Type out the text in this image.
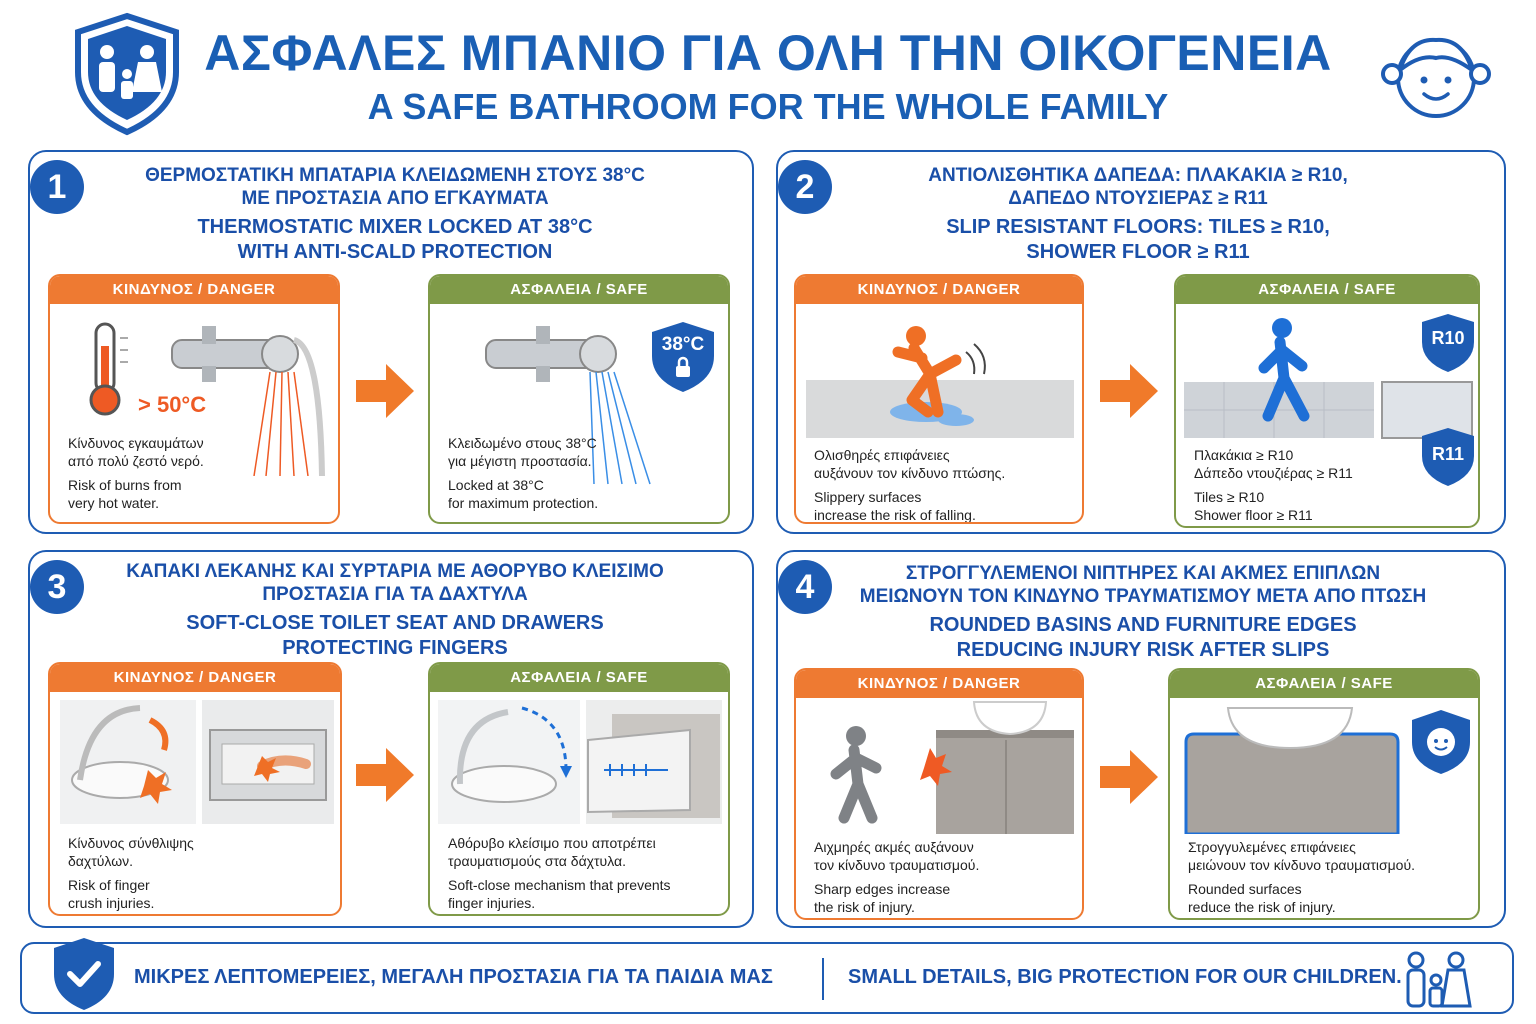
ΑΣΦΑΛΕΣ ΜΠΑΝΙΟ ΓΙΑ ΟΛΗ ΤΗΝ ΟΙΚΟΓΕΝΕΙΑ
A SAFE BATHROOM FOR THE WHOLE FAMILY
1	ΘΕΡΜΟΣΤΑΤΙΚΗ ΜΠΑΤΑΡΙΑ ΚΛΕΙΔΩΜΕΝΗ ΣΤΟΥΣ 38°C
ΜΕ ΠΡΟΣΤΑΣΙΑ ΑΠΟ ΕΓΚΑΥΜΑΤΑ
THERMOSTATIC MIXER LOCKED AT 38°C
WITH ANTI-SCALD PROTECTION
ΚΙΝΔΥΝΟΣ / DANGER
> 50°C
Κίνδυνος εγκαυμάτων
από πολύ ζεστό νερό.
Risk of burns from
very hot water.
ΑΣΦΑΛΕΙΑ / SAFE
38°C
Κλειδωμένο στους 38°C
για μέγιστη προστασία.
Locked at 38°C
for maximum protection.
2	ΑΝΤΙΟΛΙΣΘΗΤΙΚΑ ΔΑΠΕΔΑ: ΠΛΑΚΑΚΙΑ ≥ R10,
ΔΑΠΕΔΟ ΝΤΟΥΣΙΕΡΑΣ ≥ R11
SLIP RESISTANT FLOORS: TILES ≥ R10,
SHOWER FLOOR ≥ R11
ΚΙΝΔΥΝΟΣ / DANGER
Ολισθηρές επιφάνειες
αυξάνουν τον κίνδυνο πτώσης.
Slippery surfaces
increase the risk of falling.
ΑΣΦΑΛΕΙΑ / SAFE
R10
R11
Πλακάκια ≥ R10
Δάπεδο ντουζιέρας ≥ R11
Tiles ≥ R10
Shower floor ≥ R11
3	ΚΑΠΑΚΙ ΛΕΚΑΝΗΣ ΚΑΙ ΣΥΡΤΑΡΙΑ ΜΕ ΑΘΟΡΥΒΟ ΚΛΕΙΣΙΜΟ
ΠΡΟΣΤΑΣΙΑ ΓΙΑ ΤΑ ΔΑΧΤΥΛΑ
SOFT-CLOSE TOILET SEAT AND DRAWERS
PROTECTING FINGERS
ΚΙΝΔΥΝΟΣ / DANGER
Κίνδυνος σύνθλιψης
δαχτύλων.
Risk of finger
crush injuries.
ΑΣΦΑΛΕΙΑ / SAFE
Αθόρυβο κλείσιμο που αποτρέπει
τραυματισμούς στα δάχτυλα.
Soft-close mechanism that prevents
finger injuries.
4	ΣΤΡΟΓΓΥΛΕΜΕΝΟΙ ΝΙΠΤΗΡΕΣ ΚΑΙ ΑΚΜΕΣ ΕΠΙΠΛΩΝ
ΜΕΙΩΝΟΥΝ ΤΟΝ ΚΙΝΔΥΝΟ ΤΡΑΥΜΑΤΙΣΜΟΥ ΜΕΤΑ ΑΠΟ ΠΤΩΣΗ
ROUNDED BASINS AND FURNITURE EDGES
REDUCING INJURY RISK AFTER SLIPS
ΚΙΝΔΥΝΟΣ / DANGER
Αιχμηρές ακμές αυξάνουν
τον κίνδυνο τραυματισμού.
Sharp edges increase
the risk of injury.
ΑΣΦΑΛΕΙΑ / SAFE
Στρογγυλεμένες επιφάνειες
μειώνουν τον κίνδυνο τραυματισμού.
Rounded surfaces
reduce the risk of injury.
ΜΙΚΡΕΣ ΛΕΠΤΟΜΕΡΕΙΕΣ, ΜΕΓΑΛΗ ΠΡΟΣΤΑΣΙΑ ΓΙΑ ΤΑ ΠΑΙΔΙΑ ΜΑΣ	SMALL DETAILS, BIG PROTECTION FOR OUR CHILDREN.
